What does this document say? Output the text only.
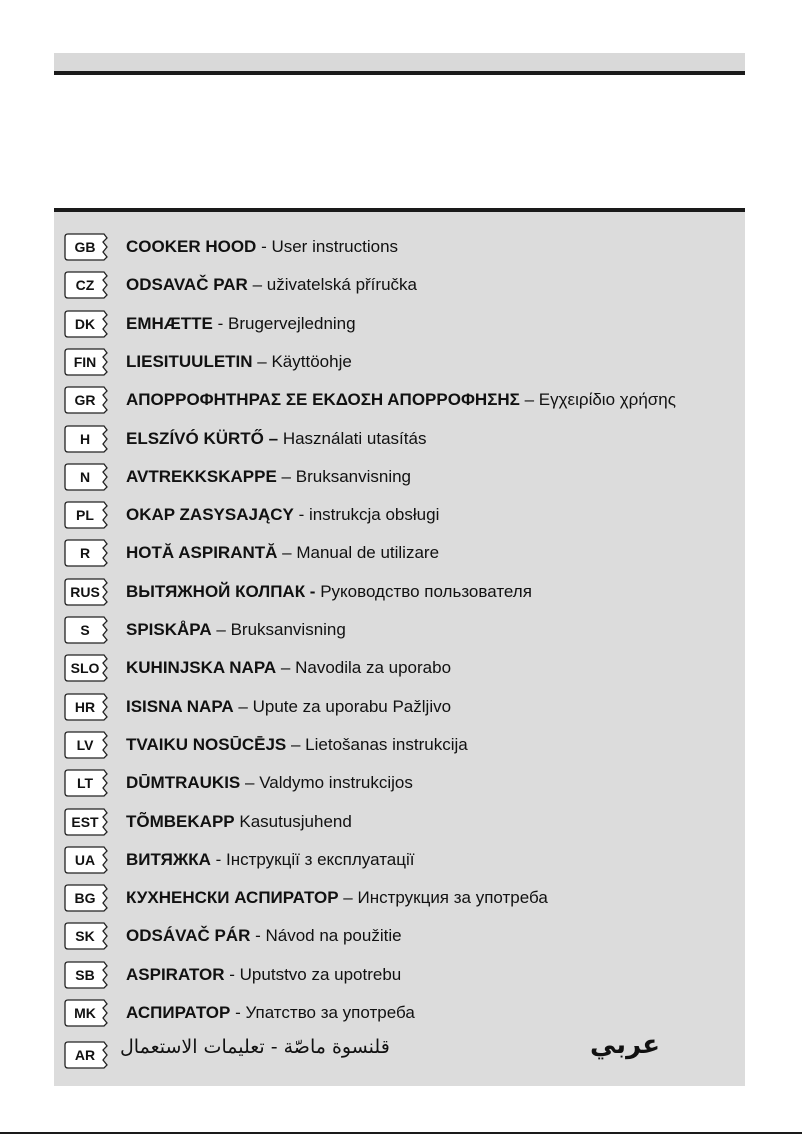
GB	COOKER HOOD - User instructions
CZ	ODSAVAČ PAR – uživatelská příručka
DK	EMHÆTTE - Brugervejledning
FIN	LIESITUULETIN – Käyttöohje
GR	ΑΠΟΡΡΟΦΗΤΗΡΑΣ ΣΕ ΕΚΔΟΣΗ ΑΠΟΡΡΟΦΗΣΗΣ – Εγχειρίδιο χρήσης
H	ELSZÍVÓ KÜRTŐ – Használati utasítás
N	AVTREKKSKAPPE – Bruksanvisning
PL	OKAP ZASYSAJĄCY - instrukcja obsługi
R	HOTĂ ASPIRANTĂ – Manual de utilizare
RUS	ВЫТЯЖНОЙ КОЛПАК - Руководство пользователя
S	SPISKÅPA – Bruksanvisning
SLO	KUHINJSKA NAPA – Navodila za uporabo
HR	ISISNA NAPA – Upute za uporabu Pažljivo
LV	TVAIKU NOSŪCĒJS – Lietošanas instrukcija
LT	DŪMTRAUKIS – Valdymo instrukcijos
EST	TÕMBEKAPP Kasutusjuhend
UA	ВИТЯЖКА - Інструкції з експлуатації
BG	КУХНЕНСКИ АСПИРАТОР – Инструкция за употреба
SK	ODSÁVAČ PÁR - Návod na použitie
SB	ASPIRATOR - Uputstvo za upotrebu
MK	АСПИРАТОР - Упатство за употреба
AR	قلنسوة ماصّة - تعليمات الاستعمال	عربي
